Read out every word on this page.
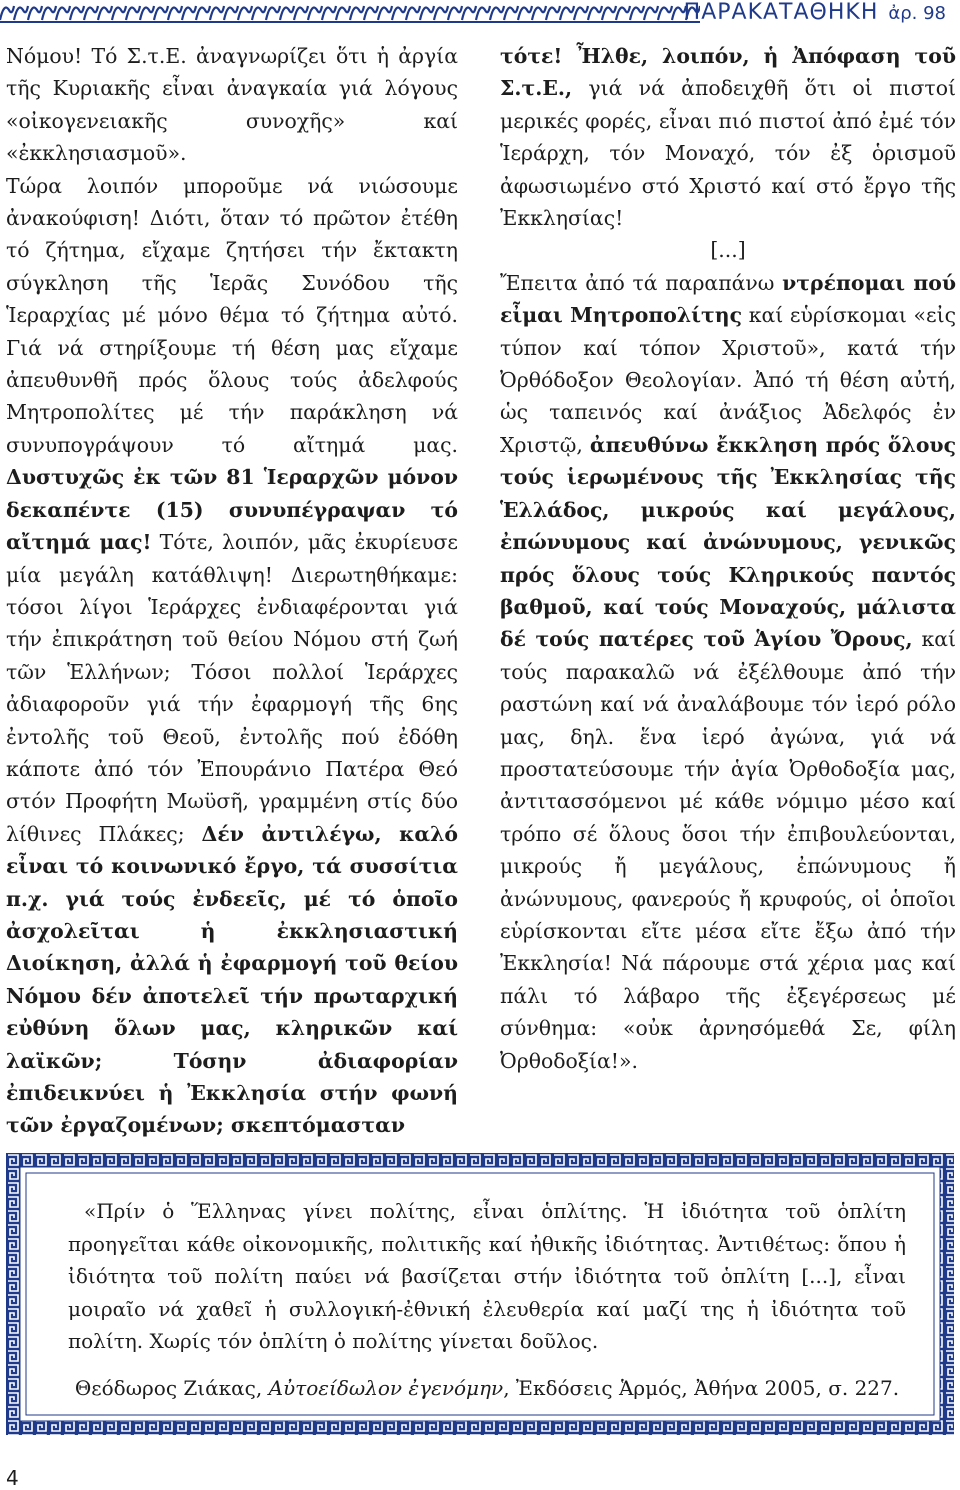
ΠΑΡΑΚΑΤΑΘΗΚΗ ἀρ. 98

Νόμου! Τό Σ.τ.Ε. ἀναγνωρίζει ὅτι ἡ ἀργία τῆς Κυριακῆς εἶναι ἀναγκαία γιά λόγους «οἰκογενειακῆς συνοχῆς» καί «ἐκκλησιασμοῦ».

Τώρα λοιπόν μποροῦμε νά νιώσουμε ἀνακούφιση! Διότι, ὅταν τό πρῶτον ἐτέθη τό ζήτημα, εἴχαμε ζητήσει τήν ἔκτακτη σύγκληση τῆς Ἱερᾶς Συνόδου τῆς Ἱεραρχίας μέ μόνο θέμα τό ζήτημα αὐτό. Γιά νά στηρίξουμε τή θέση μας εἴχαμε ἀπευθυνθῆ πρός ὅλους τούς ἀδελφούς Μητροπολίτες μέ τήν παράκληση νά συνυπογράψουν τό αἴτημά μας. Δυστυχῶς ἐκ τῶν 81 Ἱεραρχῶν μόνον δεκαπέντε (15) συνυπέγραψαν τό αἴτημά μας! Τότε, λοιπόν, μᾶς ἐκυρίευσε μία μεγάλη κατάθλιψη! Διερωτηθήκαμε: τόσοι λίγοι Ἱεράρχες ἐνδιαφέρονται γιά τήν ἐπικράτηση τοῦ θείου Νόμου στή ζωή τῶν Ἑλλήνων; Τόσοι πολλοί Ἱεράρχες ἀδιαφοροῦν γιά τήν ἐφαρμογή τῆς 6ης ἐντολῆς τοῦ Θεοῦ, ἐντολῆς πού ἐδόθη κάποτε ἀπό τόν Ἐπουράνιο Πατέρα Θεό στόν Προφήτη Μωϋσῆ, γραμμένη στίς δύο λίθινες Πλάκες; Δέν ἀντιλέγω, καλό εἶναι τό κοινωνικό ἔργο, τά συσσίτια π.χ. γιά τούς ἐνδεεῖς, μέ τό ὁποῖο ἀσχολεῖται ἡ ἐκκλησιαστική Διοίκηση, ἀλλά ἡ ἐφαρμογή τοῦ θείου Νόμου δέν ἀποτελεῖ τήν πρωταρχική εὐθύνη ὅλων μας, κληρικῶν καί λαϊκῶν; Τόσην ἀδιαφορίαν ἐπιδεικνύει ἡ Ἐκκλησία στήν φωνή τῶν ἐργαζομένων; σκεπτόμασταν

τότε! Ἦλθε, λοιπόν, ἡ Ἀπόφαση τοῦ Σ.τ.Ε., γιά νά ἀποδειχθῆ ὅτι οἱ πιστοί μερικές φορές, εἶναι πιό πιστοί ἀπό ἐμέ τόν Ἱεράρχη, τόν Μοναχό, τόν ἐξ ὁρισμοῦ ἀφωσιωμένο στό Χριστό καί στό ἔργο τῆς Ἐκκλησίας!

[...]

Ἔπειτα ἀπό τά παραπάνω ντρέπομαι πού εἶμαι Μητροπολίτης καί εὑρίσκομαι «εἰς τύπον καί τόπον Χριστοῦ», κατά τήν Ὀρθόδοξον Θεολογίαν. Ἀπό τή θέση αὐτή, ὡς ταπεινός καί ἀνάξιος Ἀδελφός ἐν Χριστῷ, ἀπευθύνω ἔκκληση πρός ὅλους τούς ἱερωμένους τῆς Ἐκκλησίας τῆς Ἑλλάδος, μικρούς καί μεγάλους, ἐπώνυμους καί ἀνώνυμους, γενικῶς πρός ὅλους τούς Κληρικούς παντός βαθμοῦ, καί τούς Μοναχούς, μάλιστα δέ τούς πατέρες τοῦ Ἁγίου Ὄρους, καί τούς παρακαλῶ νά ἐξέλθουμε ἀπό τήν ραστώνη καί νά ἀναλάβουμε τόν ἱερό ρόλο μας, δηλ. ἕνα ἱερό ἀγώνα, γιά νά προστατεύσουμε τήν ἁγία Ὀρθοδοξία μας, ἀντιτασσόμενοι μέ κάθε νόμιμο μέσο καί τρόπο σέ ὅλους ὅσοι τήν ἐπιβουλεύονται, μικρούς ἤ μεγάλους, ἐπώνυμους ἤ ἀνώνυμους, φανερούς ἤ κρυφούς, οἱ ὁποῖοι εὑρίσκονται εἴτε μέσα εἴτε ἔξω ἀπό τήν Ἐκκλησία! Νά πάρουμε στά χέρια μας καί πάλι τό λάβαρο τῆς ἐξεγέρσεως μέ σύνθημα: «οὐκ ἀρνησόμεθά Σε, φίλη Ὀρθοδοξία!».

«Πρίν ὁ Ἕλληνας γίνει πολίτης, εἶναι ὁπλίτης. Ἡ ἰδιότητα τοῦ ὁπλίτη προηγεῖται κάθε οἰκονομικῆς, πολιτικῆς καί ἠθικῆς ἰδιότητας. Ἀντιθέτως: ὅπου ἡ ἰδιότητα τοῦ πολίτη παύει νά βασίζεται στήν ἰδιότητα τοῦ ὁπλίτη [...], εἶναι μοιραῖο νά χαθεῖ ἡ συλλογική-ἐθνική ἐλευθερία καί μαζί της ἡ ἰδιότητα τοῦ πολίτη. Χωρίς τόν ὁπλίτη ὁ πολίτης γίνεται δοῦλος.

Θεόδωρος Ζιάκας, Αὐτοείδωλον ἐγενόμην, Ἐκδόσεις Ἁρμός, Ἀθήνα 2005, σ. 227.

4
